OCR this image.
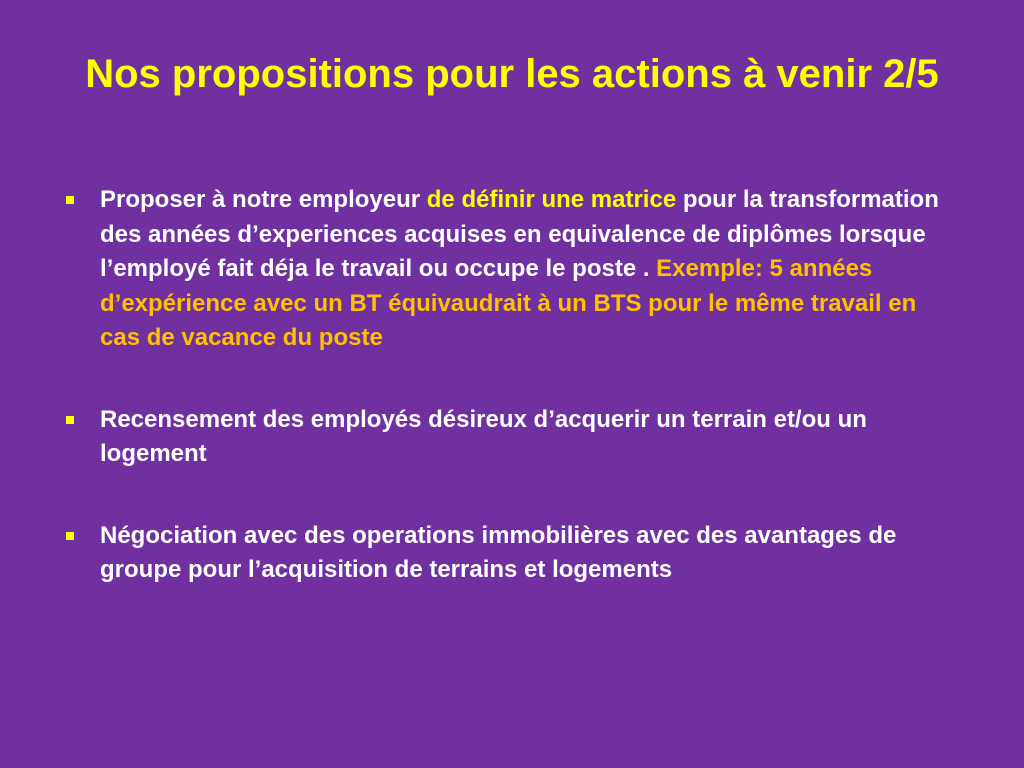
Nos propositions pour les actions à venir 2/5
Proposer à notre employeur de définir une matrice pour la transformation des années d’experiences acquises en equivalence de diplômes lorsque l’employé fait déja le travail ou occupe le poste . Exemple: 5 années d’expérience avec un BT équivaudrait à un BTS pour le même travail en cas de vacance du poste
Recensement des employés désireux d’acquerir un terrain et/ou un logement
Négociation avec des operations immobilières avec des avantages de groupe pour l’acquisition de terrains et logements
